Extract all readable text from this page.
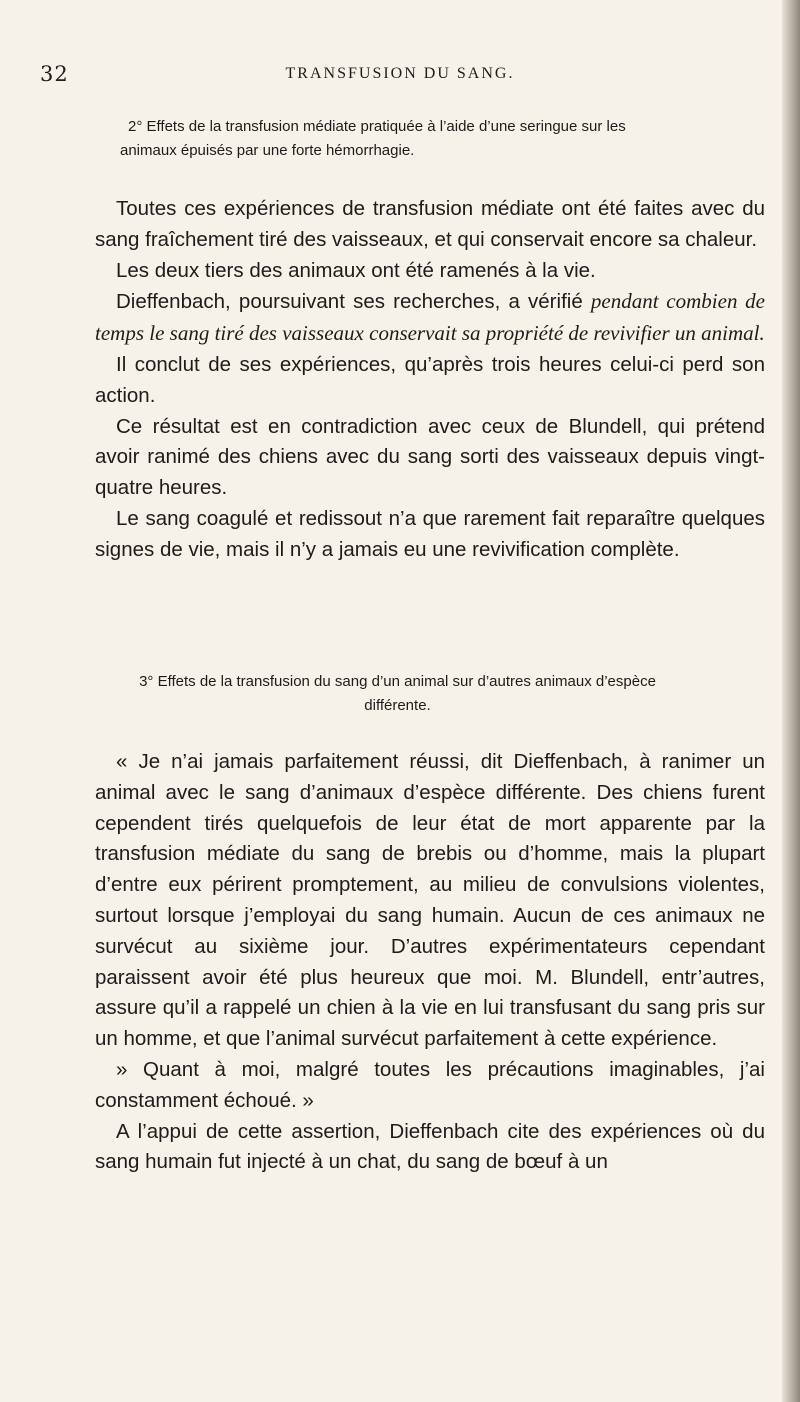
32	TRANSFUSION DU SANG.
2° Effets de la transfusion médiate pratiquée à l’aide d’une seringue sur les animaux épuisés par une forte hémorrhagie.

Toutes ces expériences de transfusion médiate ont été faites avec du sang fraîchement tiré des vaisseaux, et qui conservait encore sa chaleur.

Les deux tiers des animaux ont été ramenés à la vie.

Dieffenbach, poursuivant ses recherches, a vérifié pendant combien de temps le sang tiré des vaisseaux conservait sa propriété de revivifier un animal.

Il conclut de ses expériences, qu’après trois heures celui-ci perd son action.

Ce résultat est en contradiction avec ceux de Blundell, qui prétend avoir ranimé des chiens avec du sang sorti des vaisseaux depuis vingt-quatre heures.

Le sang coagulé et redissout n’a que rarement fait reparaître quelques signes de vie, mais il n’y a jamais eu une revivification complète.

3° Effets de la transfusion du sang d’un animal sur d’autres animaux d’espèce différente.

« Je n’ai jamais parfaitement réussi, dit Dieffenbach, à ranimer un animal avec le sang d’animaux d’espèce différente. Des chiens furent cependent tirés quelquefois de leur état de mort apparente par la transfusion médiate du sang de brebis ou d’homme, mais la plupart d’entre eux périrent promptement, au milieu de convulsions violentes, surtout lorsque j’employai du sang humain. Aucun de ces animaux ne survécut au sixième jour. D’autres expérimentateurs cependant paraissent avoir été plus heureux que moi. M. Blundell, entr’autres, assure qu’il a rappelé un chien à la vie en lui transfusant du sang pris sur un homme, et que l’animal survécut parfaitement à cette expérience.

» Quant à moi, malgré toutes les précautions imaginables, j’ai constamment échoué. »

A l’appui de cette assertion, Dieffenbach cite des expériences où du sang humain fut injecté à un chat, du sang de bœuf à un
